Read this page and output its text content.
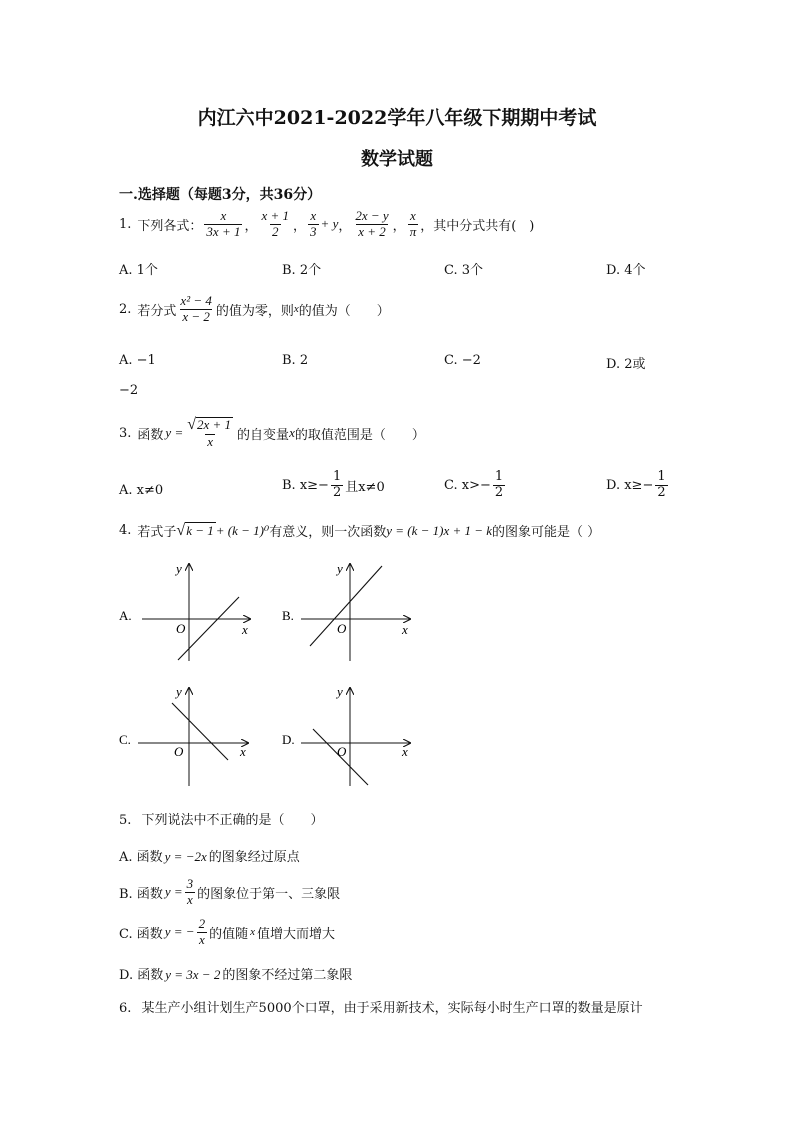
内江六中2021-2022学年八年级下期期中考试
数学试题
一.选择题（每题3分，共36分）
1. 下列各式： $\frac{x}{3x + 1}$ ， $\frac{x + 1}{2}$ ， $\frac{x}{3} + y$ ， $\frac{2x - y}{x + 2}$ ， $\frac{x}{\pi}$ ，其中分式共有(　)
A. 1个	B. 2个	C. 3个	D. 4个
2. 若分式 $\frac{\text{x² − 4}}{x - 2}$ 的值为零，则 x 的值为（　　）
A. −1	B. 2	C. −2	D. 2或
−2
3. 函数 $y = \frac{√2x + 1}{x}$ 的自变量 x 的取值范围是（　　）
A. x≠0	B. $x\ge- \frac{1}{2}$ 且x≠0	C. $x>- \frac{1}{2}$	D. $x\ge- \frac{1}{2}$
4. 若式子 √k − 1 + (k − 1)⁰ 有意义，则一次函数 y = (k − 1)x + 1 − k 的图象可能是（ ）
A.
y
x
O
B.
y
x
O
C.
y
x
O
D.
y
x
O
5. 下列说法中不正确的是（　　）
A. 函数 y = −2x 的图象经过原点
B. 函数 $y = \frac{3}{x}$ 的图象位于第一、三象限
C. 函数 y = − $\frac{2}{x}$ 的值随 x 值增大而增大
D. 函数 y = 3x − 2 的图象不经过第二象限
6. 某生产小组计划生产5000个口罩，由于采用新技术，实际每小时生产口罩的数量是原计
